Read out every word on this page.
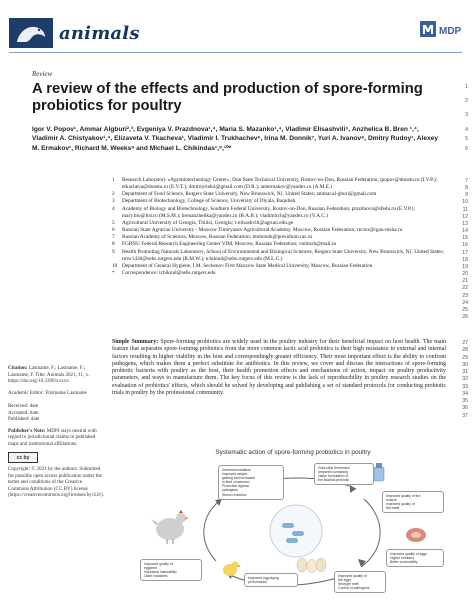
animals	MDPI
Review
A review of the effects and production of spore-forming probiotics for poultry
Igor V. Popov¹, Ammar Algburi²,³, Evgeniya V. Prazdnova¹,⁴, Maria S. Mazanko¹,⁴, Vladimir Elisashvili⁵, Anzhelica B. Bren ¹,⁴, Vladimir A. Chistyakov¹,⁴, Elizaveta V. Tkacheva¹, Vladimir I. Trukhachev⁶, Irina M. Donnik⁷, Yuri A. Ivanov⁸, Dmitry Rudoy¹, Alexey M. Ermakov¹, Richard M. Weeks⁹ and Michael L. Chikindas¹,⁹,¹⁰*
1
2
3
4
5
6
7
8
9
10
11
12
13
14
15
16
17
18
19
20
21
22
23
24
25
26
27
28
29
30
31
32
33
34
35
36
37
1	Research Laboratory «Agrobiotechnology Center», Don State Technical University, Rostov-on-Don, Russian Federation; ipopov@donstu.ru (I.V.P.); etkacheva@donstu.ru (E.V.T.); dmitriyrudoi@gmail.com (D.R.); amermakov@yandex.ru (A.M.E.)
2	Department of Food Science, Rutgers State University, New Brunswick, NJ, United States; ammar.al-gburi@gmail.com
3	Department of Biotechnology, College of Science, University of Diyala, Baqubah
4	Academy of Biology and Biotechnology, Southern Federal University, Rostov-on-Don, Russian Federation; prazdnova@sfedu.ru (E.V.P.); mary.bio@list.ru (M.S.M.); brenanzhelika@yandex.ru (B.A.B.); vladimirch@yandex.ru (V.A.C.)
5	Agricultural University of Georgia, Tbilisi, Georgia; v.elisashvili@agruni.edu.ge
6	Russian State Agrarian University - Moscow Timiryazev Agricultural Academy, Moscow, Russian Federation; rector@rgau-msha.ru
7	Russian Academy of Sciences, Moscow, Russian Federation; imdonnik@presidium.ras.ru
8	FGBNU Federal Research Engineering Center VIM, Moscow, Russian Federation; vniimzh@mail.ru
9	Health Promoting Naturals Laboratory, School of Environmental and Biological Sciences, Rutgers State University, New Brunswick, NJ, United States; rmw1436@sebs.rutgers.edu (R.M.W.); tchikind@sebs.rutgers.edu (M.L.C.)
10 Department of General Hygiene, I.M. Sechenov First Moscow State Medical University, Moscow, Russian Federation
*	Correspondence: tchikind@sebs.rutgers.edu
Simple Summary: Spore-forming probiotics are widely used in the poultry industry for their beneficial impact on host health. The main feature that separates spore-forming probiotics from the more common lactic acid probiotics is their high resistance to external and internal factors resulting in higher viability in the host and correspondingly greater efficiency. Their most important effect is the ability to confront pathogens, which makes them a perfect substitute for antibiotics. In this review, we cover and discuss the interactions of spore-forming probiotic bacteria with poultry as the host, their health promotion effects and mechanisms of action, impact on poultry productivity parameters, and ways to manufacture them. The key focus of this review is the lack of reproducibility in poultry research studies on the evaluation of probiotics' effects, which should be solved by developing and publishing a set of standard protocols for conducting probiotic trials in poultry by the professional community.

Citation: Lastname, F.; Lastname, F.; Lastname, F. Title. Animals 2021, 11, x. https://doi.org/10.3390/xxxxx

Academic Editor: Firstname Lastname

Received: date
Accepted: date
Published: date

Publisher's Note: MDPI stays neutral with regard to jurisdictional claims in published maps and institutional affiliations.

cc by

Copyright: © 2021 by the authors. Submitted for possible open access publication under the terms and conditions of the Creative Commons Attribution (CC BY) license (https://creativecommons.org/licenses/by/4.0/).

Systematic action of spore-forming probiotics in poultry
Immunomodulation
Improved weight-
gaining and increased
in feed conversion
Protection against
pathogens
Stress reduction
Gold-style fermented
prepared containing
viable formulation of
the Bacillus probiotic
Improved quality of the
muscle
Improved quality of
the meat
Improved quality of eggs
Higher numbers
Better survivability
Improved quality of
eggshell
Increased hatchability
Older industries	Improved egg-laying
performance
Improved quality of
the eggs
Stronger shell
Control of pathogens
